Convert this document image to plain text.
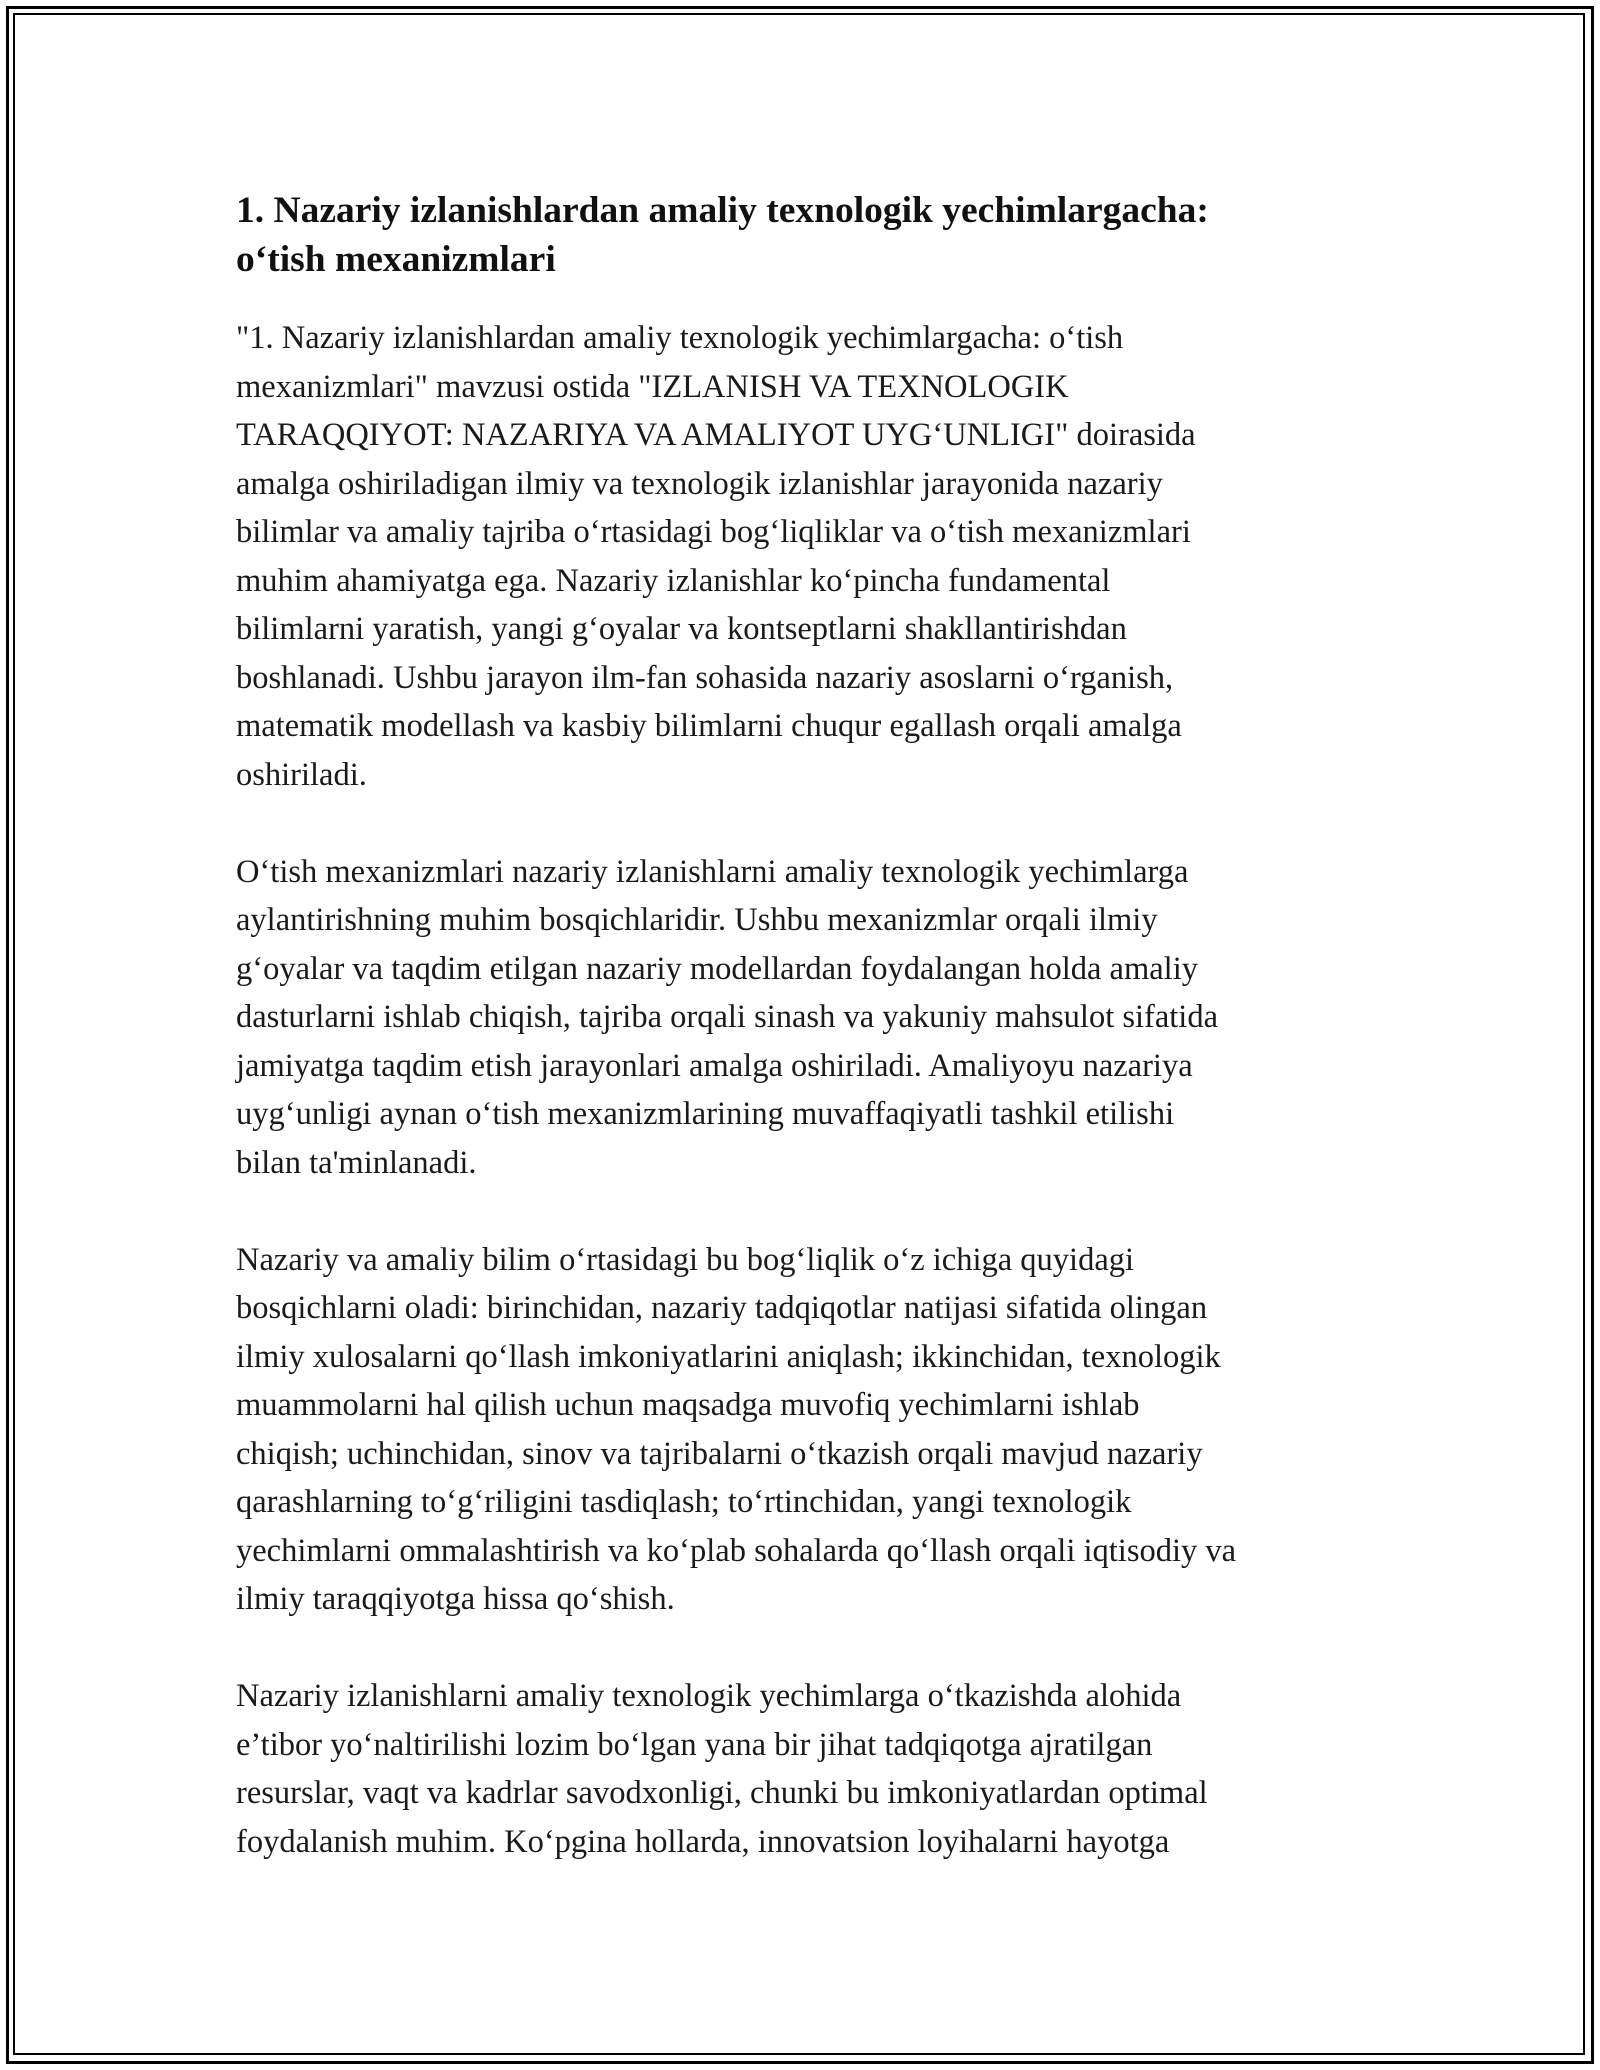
1. Nazariy izlanishlardan amaliy texnologik yechimlargacha:
o‘tish mexanizmlari
"1. Nazariy izlanishlardan amaliy texnologik yechimlargacha: o‘tish
mexanizmlari" mavzusi ostida "IZLANISH VA TEXNOLOGIK
TARAQQIYOT: NAZARIYA VA AMALIYOT UYG‘UNLIGI" doirasida
amalga oshiriladigan ilmiy va texnologik izlanishlar jarayonida nazariy
bilimlar va amaliy tajriba o‘rtasidagi bog‘liqliklar va o‘tish mexanizmlari
muhim ahamiyatga ega. Nazariy izlanishlar ko‘pincha fundamental
bilimlarni yaratish, yangi g‘oyalar va kontseptlarni shakllantirishdan
boshlanadi. Ushbu jarayon ilm-fan sohasida nazariy asoslarni o‘rganish,
matematik modellash va kasbiy bilimlarni chuqur egallash orqali amalga
oshiriladi.
O‘tish mexanizmlari nazariy izlanishlarni amaliy texnologik yechimlarga
aylantirishning muhim bosqichlaridir. Ushbu mexanizmlar orqali ilmiy
g‘oyalar va taqdim etilgan nazariy modellardan foydalangan holda amaliy
dasturlarni ishlab chiqish, tajriba orqali sinash va yakuniy mahsulot sifatida
jamiyatga taqdim etish jarayonlari amalga oshiriladi. Amaliyoyu nazariya
uyg‘unligi aynan o‘tish mexanizmlarining muvaffaqiyatli tashkil etilishi
bilan ta'minlanadi.
Nazariy va amaliy bilim o‘rtasidagi bu bog‘liqlik o‘z ichiga quyidagi
bosqichlarni oladi: birinchidan, nazariy tadqiqotlar natijasi sifatida olingan
ilmiy xulosalarni qo‘llash imkoniyatlarini aniqlash; ikkinchidan, texnologik
muammolarni hal qilish uchun maqsadga muvofiq yechimlarni ishlab
chiqish; uchinchidan, sinov va tajribalarni o‘tkazish orqali mavjud nazariy
qarashlarning to‘g‘riligini tasdiqlash; to‘rtinchidan, yangi texnologik
yechimlarni ommalashtirish va ko‘plab sohalarda qo‘llash orqali iqtisodiy va
ilmiy taraqqiyotga hissa qo‘shish.
Nazariy izlanishlarni amaliy texnologik yechimlarga o‘tkazishda alohida
e’tibor yo‘naltirilishi lozim bo‘lgan yana bir jihat tadqiqotga ajratilgan
resurslar, vaqt va kadrlar savodxonligi, chunki bu imkoniyatlardan optimal
foydalanish muhim. Ko‘pgina hollarda, innovatsion loyihalarni hayotga
